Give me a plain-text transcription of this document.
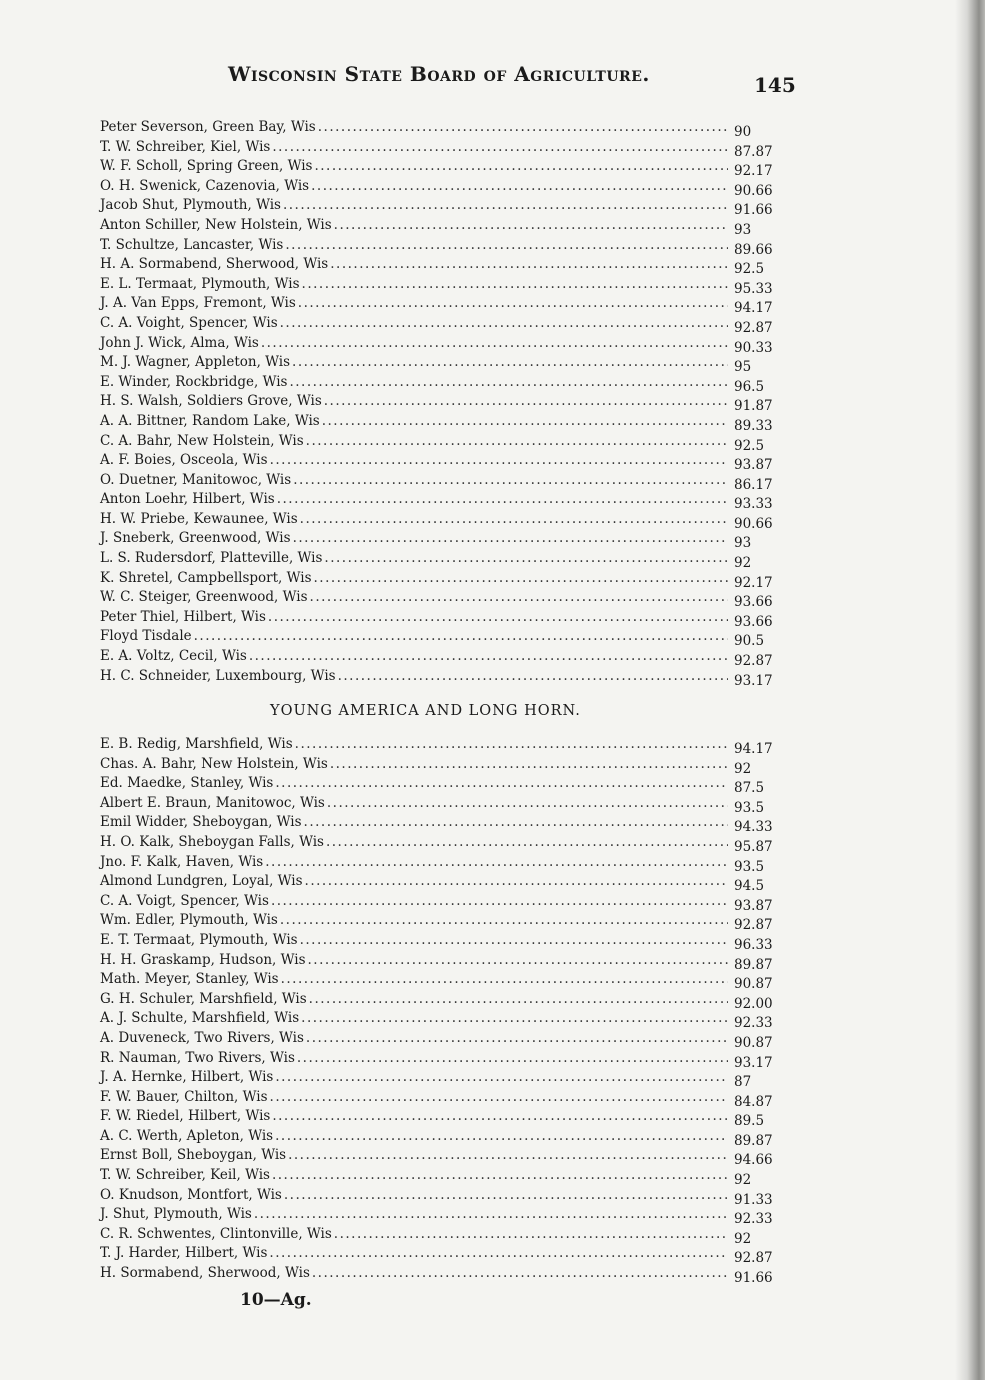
Wisconsin State Board of Agriculture.	145
Peter Severson, Green Bay, Wis .....	90
T. W. Schreiber, Kiel, Wis .....	87.87
W. F. Scholl, Spring Green, Wis .....	92.17
O. H. Swenick, Cazenovia, Wis .....	90.66
Jacob Shut, Plymouth, Wis .....	91.66
Anton Schiller, New Holstein, Wis .....	93
T. Schultze, Lancaster, Wis .....	89.66
H. A. Sormabend, Sherwood, Wis .....	92.5
E. L. Termaat, Plymouth, Wis .....	95.33
J. A. Van Epps, Fremont, Wis .....	94.17
C. A. Voight, Spencer, Wis .....	92.87
John J. Wick, Alma, Wis .....	90.33
M. J. Wagner, Appleton, Wis .....	95
E. Winder, Rockbridge, Wis .....	96.5
H. S. Walsh, Soldiers Grove, Wis .....	91.87
A. A. Bittner, Random Lake, Wis .....	89.33
C. A. Bahr, New Holstein, Wis .....	92.5
A. F. Boies, Osceola, Wis .....	93.87
O. Duetner, Manitowoc, Wis .....	86.17
Anton Loehr, Hilbert, Wis .....	93.33
H. W. Priebe, Kewaunee, Wis .....	90.66
J. Sneberk, Greenwood, Wis .....	93
L. S. Rudersdorf, Platteville, Wis .....	92
K. Shretel, Campbellsport, Wis .....	92.17
W. C. Steiger, Greenwood, Wis .....	93.66
Peter Thiel, Hilbert, Wis .....	93.66
Floyd Tisdale .....	90.5
E. A. Voltz, Cecil, Wis .....	92.87
H. C. Schneider, Luxembourg, Wis .....	93.17
YOUNG AMERICA AND LONG HORN.
E. B. Redig, Marshfield, Wis .....	94.17
Chas. A. Bahr, New Holstein, Wis .....	92
Ed. Maedke, Stanley, Wis .....	87.5
Albert E. Braun, Manitowoc, Wis .....	93.5
Emil Widder, Sheboygan, Wis .....	94.33
H. O. Kalk, Sheboygan Falls, Wis .....	95.87
Jno. F. Kalk, Haven, Wis .....	93.5
Almond Lundgren, Loyal, Wis .....	94.5
C. A. Voigt, Spencer, Wis .....	93.87
Wm. Edler, Plymouth, Wis .....	92.87
E. T. Termaat, Plymouth, Wis .....	96.33
H. H. Graskamp, Hudson, Wis .....	89.87
Math. Meyer, Stanley, Wis .....	90.87
G. H. Schuler, Marshfield, Wis .....	92.00
A. J. Schulte, Marshfield, Wis .....	92.33
A. Duveneck, Two Rivers, Wis .....	90.87
R. Nauman, Two Rivers, Wis .....	93.17
J. A. Hernke, Hilbert, Wis .....	87
F. W. Bauer, Chilton, Wis .....	84.87
F. W. Riedel, Hilbert, Wis .....	89.5
A. C. Werth, Apleton, Wis .....	89.87
Ernst Boll, Sheboygan, Wis .....	94.66
T. W. Schreiber, Keil, Wis .....	92
O. Knudson, Montfort, Wis .....	91.33
J. Shut, Plymouth, Wis .....	92.33
C. R. Schwentes, Clintonville, Wis .....	92
T. J. Harder, Hilbert, Wis .....	92.87
H. Sormabend, Sherwood, Wis .....	91.66
10—Ag.
